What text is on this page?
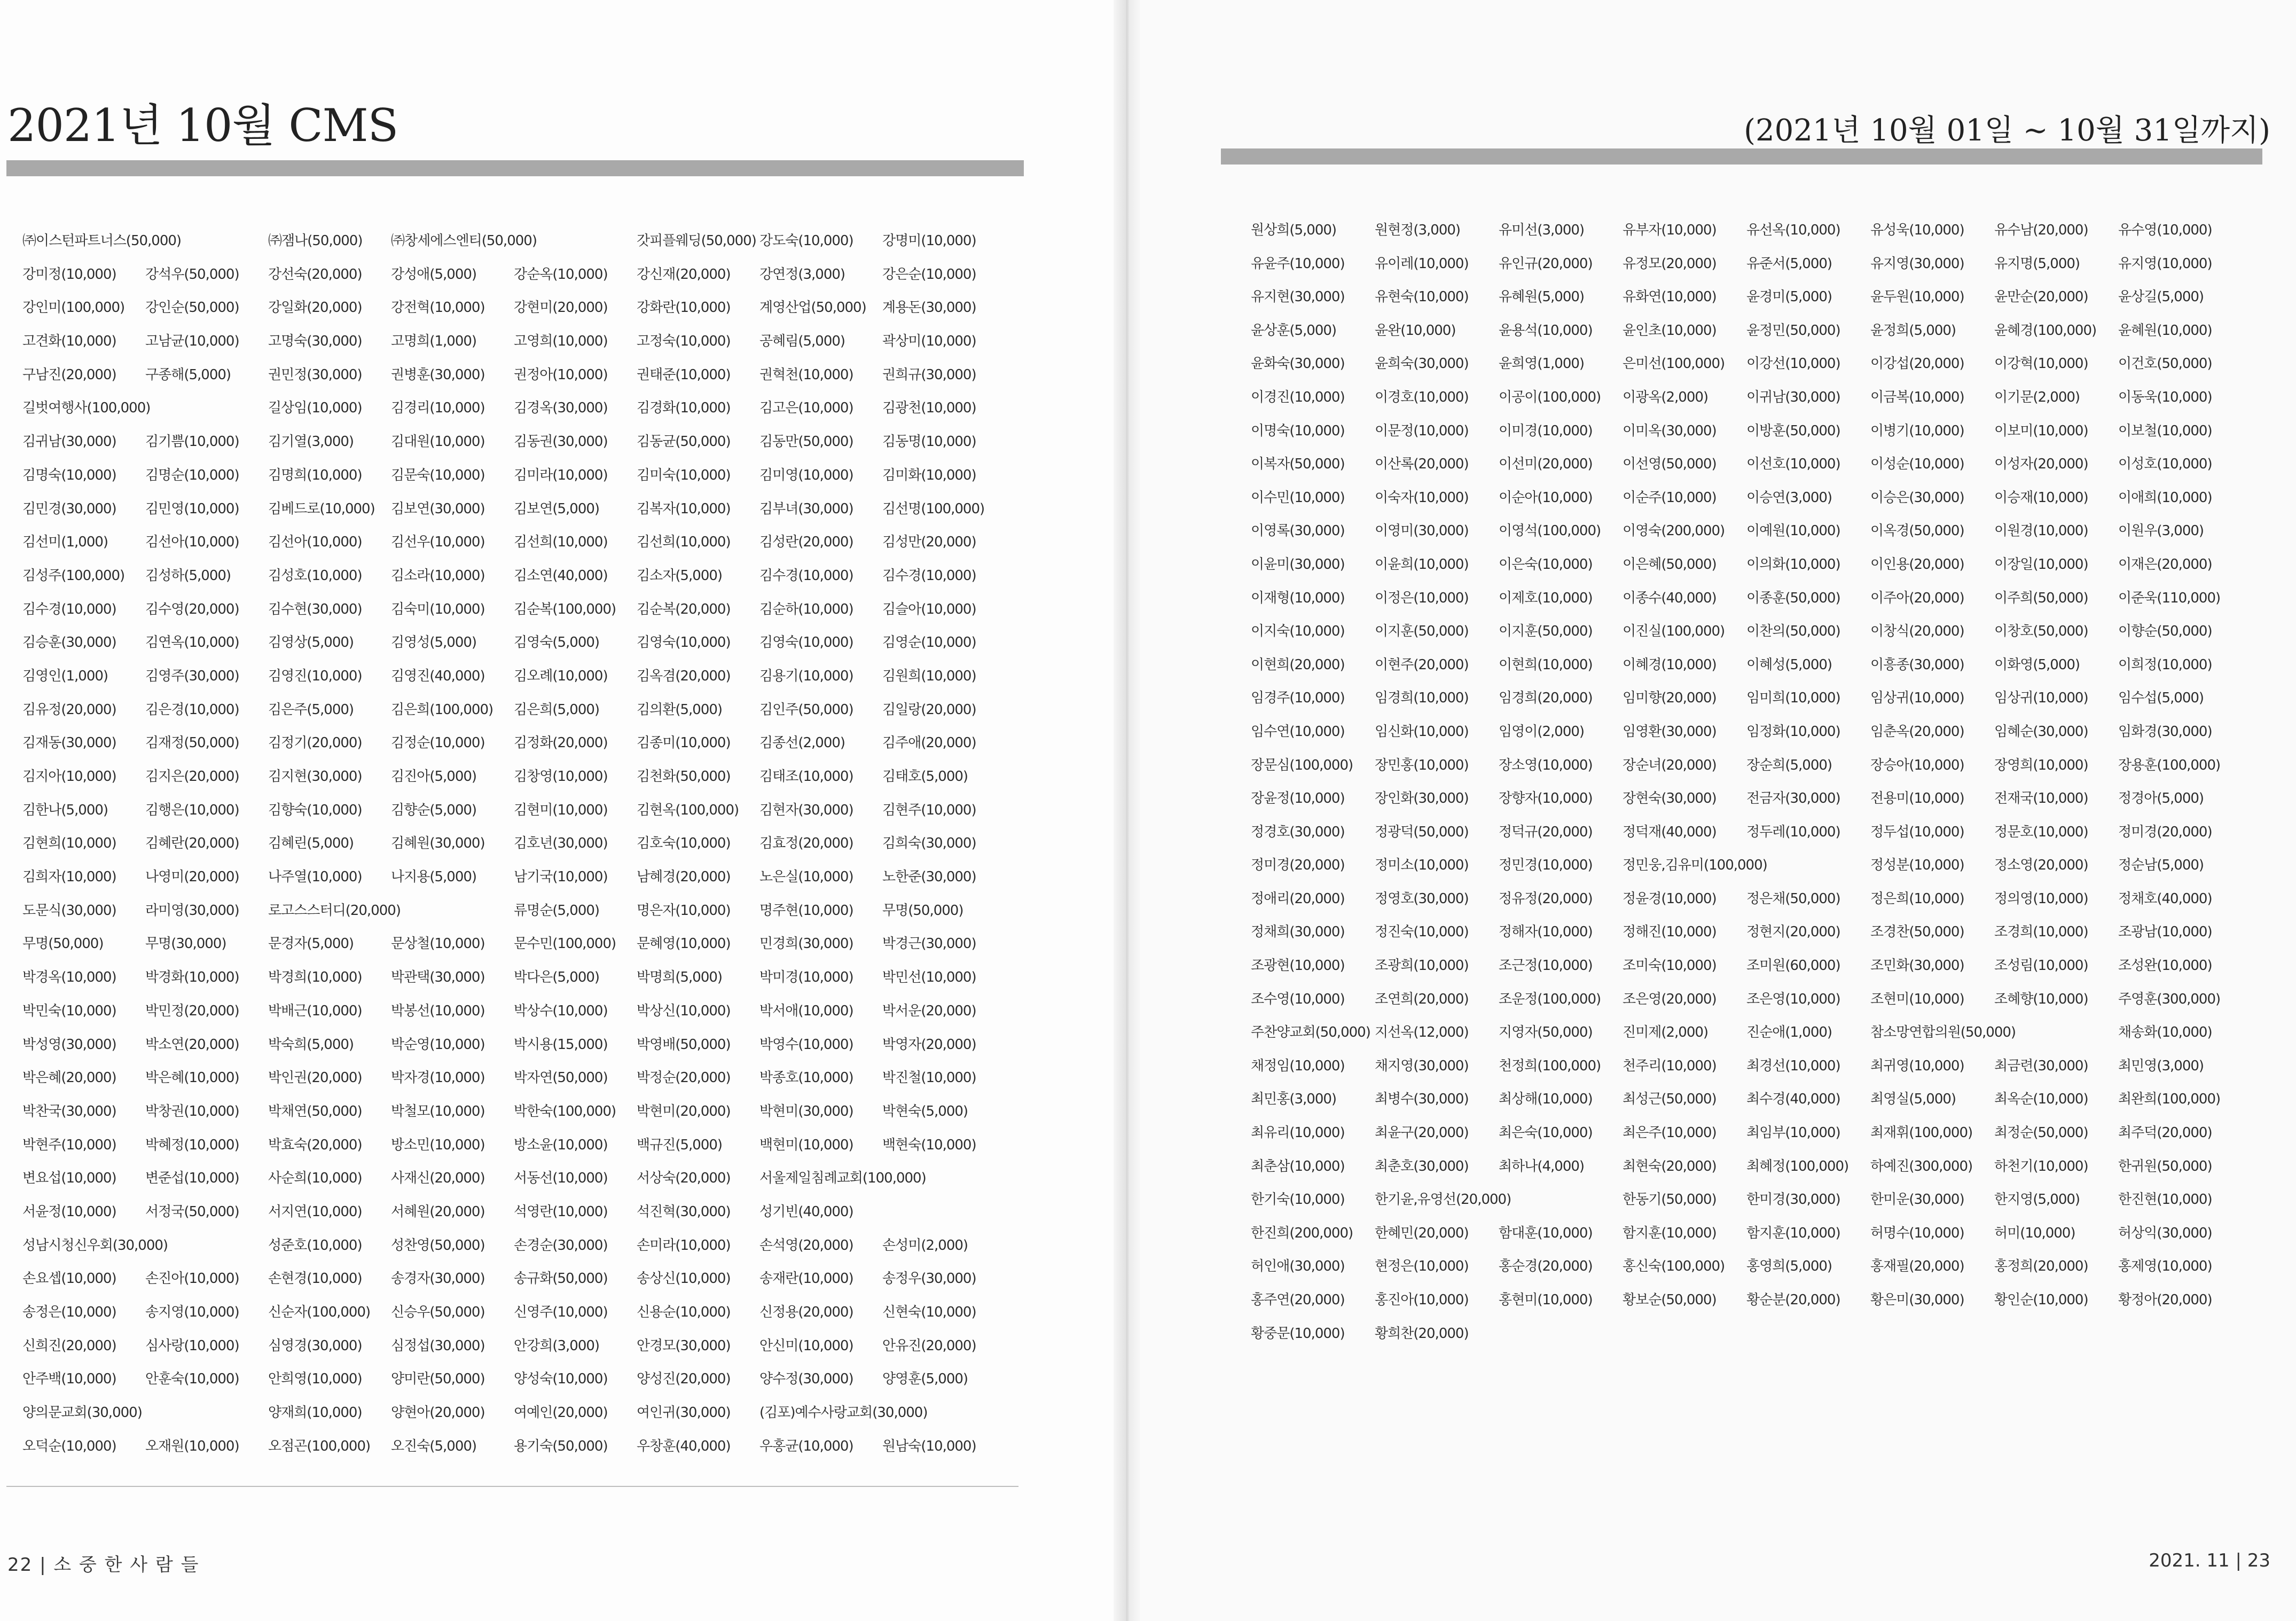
2021년 10월 CMS
㈜이스턴파트너스(50,000)	㈜잼나(50,000)	㈜창세에스엔티(50,000)	갓피플웨딩(50,000) 강도숙(10,000)	강명미(10,000)
강미정(10,000)	강석우(50,000)	강선숙(20,000)	강성애(5,000)	강순옥(10,000)	강신재(20,000)	강연정(3,000)	강은순(10,000)
강인미(100,000)	강인순(50,000)	강일화(20,000)	강전혁(10,000)	강현미(20,000)	강화란(10,000)	계영산업(50,000)	계용돈(30,000)
고견화(10,000)	고남균(10,000)	고명숙(30,000)	고명희(1,000)	고영희(10,000)	고정숙(10,000)	공혜림(5,000)	곽상미(10,000)
구남진(20,000)	구종해(5,000)	권민정(30,000)	권병훈(30,000)	권정아(10,000)	권태준(10,000)	권혁천(10,000)	권희규(30,000)
길벗여행사(100,000)	길상임(10,000)	김경리(10,000)	김경옥(30,000)	김경화(10,000)	김고은(10,000)	김광천(10,000)
김귀남(30,000)	김기쁨(10,000)	김기열(3,000)	김대원(10,000)	김동권(30,000)	김동균(50,000)	김동만(50,000)	김동명(10,000)
김명숙(10,000)	김명순(10,000)	김명희(10,000)	김문숙(10,000)	김미라(10,000)	김미숙(10,000)	김미영(10,000)	김미화(10,000)
김민경(30,000)	김민영(10,000)	김베드로(10,000)	김보연(30,000)	김보연(5,000)	김복자(10,000)	김부녀(30,000)	김선명(100,000)
김선미(1,000)	김선아(10,000)	김선아(10,000)	김선우(10,000)	김선희(10,000)	김선희(10,000)	김성란(20,000)	김성만(20,000)
김성주(100,000)	김성하(5,000)	김성호(10,000)	김소라(10,000)	김소연(40,000)	김소자(5,000)	김수경(10,000)	김수경(10,000)
김수경(10,000)	김수영(20,000)	김수현(30,000)	김숙미(10,000)	김순복(100,000)	김순복(20,000)	김순하(10,000)	김슬아(10,000)
김승훈(30,000)	김연옥(10,000)	김영상(5,000)	김영성(5,000)	김영숙(5,000)	김영숙(10,000)	김영숙(10,000)	김영순(10,000)
김영인(1,000)	김영주(30,000)	김영진(10,000)	김영진(40,000)	김오례(10,000)	김옥겸(20,000)	김용기(10,000)	김원희(10,000)
김유정(20,000)	김은경(10,000)	김은주(5,000)	김은희(100,000)	김은희(5,000)	김의환(5,000)	김인주(50,000)	김일랑(20,000)
김재동(30,000)	김재정(50,000)	김정기(20,000)	김정순(10,000)	김정화(20,000)	김종미(10,000)	김종선(2,000)	김주애(20,000)
김지아(10,000)	김지은(20,000)	김지현(30,000)	김진아(5,000)	김창영(10,000)	김천화(50,000)	김태조(10,000)	김태호(5,000)
김한나(5,000)	김행은(10,000)	김향숙(10,000)	김향순(5,000)	김현미(10,000)	김현옥(100,000)	김현자(30,000)	김현주(10,000)
김현희(10,000)	김혜란(20,000)	김혜린(5,000)	김혜원(30,000)	김호년(30,000)	김호숙(10,000)	김효정(20,000)	김희숙(30,000)
김희자(10,000)	나영미(20,000)	나주열(10,000)	나지용(5,000)	남기국(10,000)	남혜경(20,000)	노은실(10,000)	노한준(30,000)
도문식(30,000)	라미영(30,000)	로고스스터디(20,000)	류명순(5,000)	명은자(10,000)	명주현(10,000)	무명(50,000)
무명(50,000)	무명(30,000)	문경자(5,000)	문상철(10,000)	문수민(100,000)	문혜영(10,000)	민경희(30,000)	박경근(30,000)
박경옥(10,000)	박경화(10,000)	박경희(10,000)	박관택(30,000)	박다은(5,000)	박명희(5,000)	박미경(10,000)	박민선(10,000)
박민숙(10,000)	박민정(20,000)	박배근(10,000)	박봉선(10,000)	박상수(10,000)	박상신(10,000)	박서애(10,000)	박서운(20,000)
박성영(30,000)	박소연(20,000)	박숙희(5,000)	박순영(10,000)	박시용(15,000)	박영배(50,000)	박영수(10,000)	박영자(20,000)
박은혜(20,000)	박은혜(10,000)	박인권(20,000)	박자경(10,000)	박자연(50,000)	박정순(20,000)	박종호(10,000)	박진철(10,000)
박찬국(30,000)	박창권(10,000)	박채연(50,000)	박철모(10,000)	박한숙(100,000)	박현미(20,000)	박현미(30,000)	박현숙(5,000)
박현주(10,000)	박혜정(10,000)	박효숙(20,000)	방소민(10,000)	방소윤(10,000)	백규진(5,000)	백현미(10,000)	백현숙(10,000)
변요섭(10,000)	변준섭(10,000)	사순희(10,000)	사재신(20,000)	서동선(10,000)	서상숙(20,000)	서울제일침례교회(100,000)
서윤정(10,000)	서정국(50,000)	서지연(10,000)	서혜원(20,000)	석영란(10,000)	석진혁(30,000)	성기빈(40,000)
성남시청신우회(30,000)	성준호(10,000)	성찬영(50,000)	손경순(30,000)	손미라(10,000)	손석영(20,000)	손성미(2,000)
손요셉(10,000)	손진아(10,000)	손현경(10,000)	송경자(30,000)	송규화(50,000)	송상신(10,000)	송재란(10,000)	송정우(30,000)
송정은(10,000)	송지영(10,000)	신순자(100,000)	신승우(50,000)	신영주(10,000)	신용순(10,000)	신정용(20,000)	신현숙(10,000)
신희진(20,000)	심사랑(10,000)	심영경(30,000)	심정섭(30,000)	안강희(3,000)	안경모(30,000)	안신미(10,000)	안유진(20,000)
안주백(10,000)	안훈숙(10,000)	안희영(10,000)	양미란(50,000)	양성숙(10,000)	양성진(20,000)	양수정(30,000)	양영훈(5,000)
양의문교회(30,000)	양재희(10,000)	양현아(20,000)	여예인(20,000)	여인귀(30,000)	(김포)예수사랑교회(30,000)
오덕순(10,000)	오재원(10,000)	오점곤(100,000)	오진숙(5,000)	용기숙(50,000)	우창훈(40,000)	우홍균(10,000)	원남숙(10,000)
22 | 소 중 한 사 람 들
(2021년 10월 01일 ~ 10월 31일까지)
원상희(5,000)	원현정(3,000)	유미선(3,000)	유부자(10,000)	유선옥(10,000)	유성욱(10,000)	유수남(20,000)	유수영(10,000)
유윤주(10,000)	유이레(10,000)	유인규(20,000)	유정모(20,000)	유준서(5,000)	유지영(30,000)	유지명(5,000)	유지영(10,000)
유지현(30,000)	유현숙(10,000)	유혜원(5,000)	유화연(10,000)	윤경미(5,000)	윤두원(10,000)	윤만순(20,000)	윤상길(5,000)
윤상훈(5,000)	윤완(10,000)	윤용석(10,000)	윤인초(10,000)	윤정민(50,000)	윤정희(5,000)	윤혜경(100,000)	윤혜원(10,000)
윤화숙(30,000)	윤희숙(30,000)	윤희영(1,000)	은미선(100,000)	이강선(10,000)	이강섭(20,000)	이강혁(10,000)	이건호(50,000)
이경진(10,000)	이경호(10,000)	이공이(100,000)	이광옥(2,000)	이귀남(30,000)	이금복(10,000)	이기문(2,000)	이동욱(10,000)
이명숙(10,000)	이문정(10,000)	이미경(10,000)	이미옥(30,000)	이방훈(50,000)	이병기(10,000)	이보미(10,000)	이보철(10,000)
이복자(50,000)	이산록(20,000)	이선미(20,000)	이선영(50,000)	이선호(10,000)	이성순(10,000)	이성자(20,000)	이성호(10,000)
이수민(10,000)	이숙자(10,000)	이순아(10,000)	이순주(10,000)	이승연(3,000)	이승은(30,000)	이승재(10,000)	이애희(10,000)
이영록(30,000)	이영미(30,000)	이영석(100,000)	이영숙(200,000)	이예원(10,000)	이옥경(50,000)	이원경(10,000)	이원우(3,000)
이윤미(30,000)	이윤희(10,000)	이은숙(10,000)	이은혜(50,000)	이의화(10,000)	이인용(20,000)	이장일(10,000)	이재은(20,000)
이재형(10,000)	이정은(10,000)	이제호(10,000)	이종수(40,000)	이종훈(50,000)	이주아(20,000)	이주희(50,000)	이준욱(110,000)
이지숙(10,000)	이지훈(50,000)	이지훈(50,000)	이진실(100,000)	이찬의(50,000)	이창식(20,000)	이창호(50,000)	이향순(50,000)
이현희(20,000)	이현주(20,000)	이현희(10,000)	이혜경(10,000)	이혜성(5,000)	이흥종(30,000)	이화영(5,000)	이희정(10,000)
임경주(10,000)	임경희(10,000)	임경희(20,000)	임미향(20,000)	임미희(10,000)	임상귀(10,000)	임상귀(10,000)	임수섭(5,000)
임수연(10,000)	임신화(10,000)	임영이(2,000)	임영환(30,000)	임정화(10,000)	임춘옥(20,000)	임혜순(30,000)	임화경(30,000)
장문심(100,000)	장민홍(10,000)	장소영(10,000)	장순녀(20,000)	장순희(5,000)	장승아(10,000)	장영희(10,000)	장용훈(100,000)
장윤정(10,000)	장인화(30,000)	장향자(10,000)	장현숙(30,000)	전금자(30,000)	전용미(10,000)	전재국(10,000)	정경아(5,000)
정경호(30,000)	정광덕(50,000)	정덕규(20,000)	정덕재(40,000)	정두레(10,000)	정두섭(10,000)	정문호(10,000)	정미경(20,000)
정미경(20,000)	정미소(10,000)	정민경(10,000)	정민웅,김유미(100,000)	정성분(10,000)	정소영(20,000)	정순남(5,000)
정애리(20,000)	정영호(30,000)	정유정(20,000)	정윤경(10,000)	정은채(50,000)	정은희(10,000)	정의영(10,000)	정채호(40,000)
정채희(30,000)	정진숙(10,000)	정해자(10,000)	정해진(10,000)	정현지(20,000)	조경찬(50,000)	조경희(10,000)	조광남(10,000)
조광현(10,000)	조광희(10,000)	조근정(10,000)	조미숙(10,000)	조미원(60,000)	조민화(30,000)	조성림(10,000)	조성완(10,000)
조수영(10,000)	조연희(20,000)	조운정(100,000)	조은영(20,000)	조은영(10,000)	조현미(10,000)	조혜향(10,000)	주영훈(300,000)
주찬양교회(50,000) 지선옥(12,000)	지영자(50,000)	진미제(2,000)	진순애(1,000)	참소망연합의원(50,000)	채송화(10,000)
채정임(10,000)	채지영(30,000)	천정희(100,000)	천주리(10,000)	최경선(10,000)	최귀영(10,000)	최금련(30,000)	최민영(3,000)
최민홍(3,000)	최병수(30,000)	최상해(10,000)	최성근(50,000)	최수경(40,000)	최영실(5,000)	최옥순(10,000)	최완희(100,000)
최유리(10,000)	최윤구(20,000)	최은숙(10,000)	최은주(10,000)	최임부(10,000)	최재휘(100,000)	최정순(50,000)	최주덕(20,000)
최춘삼(10,000)	최춘호(30,000)	최하나(4,000)	최현숙(20,000)	최혜정(100,000)	하예진(300,000)	하천기(10,000)	한귀원(50,000)
한기숙(10,000)	한기윤,유영선(20,000)	한동기(50,000)	한미경(30,000)	한미운(30,000)	한지영(5,000)	한진현(10,000)
한진희(200,000)	한혜민(20,000)	함대훈(10,000)	함지훈(10,000)	함지훈(10,000)	허명수(10,000)	허미(10,000)	허상익(30,000)
허인애(30,000)	현정은(10,000)	홍순경(20,000)	홍신숙(100,000)	홍영희(5,000)	홍재필(20,000)	홍정희(20,000)	홍제영(10,000)
홍주연(20,000)	홍진아(10,000)	홍현미(10,000)	황보순(50,000)	황순분(20,000)	황은미(30,000)	황인순(10,000)	황정아(20,000)
황중문(10,000)	황희찬(20,000)
2021. 11 | 23
